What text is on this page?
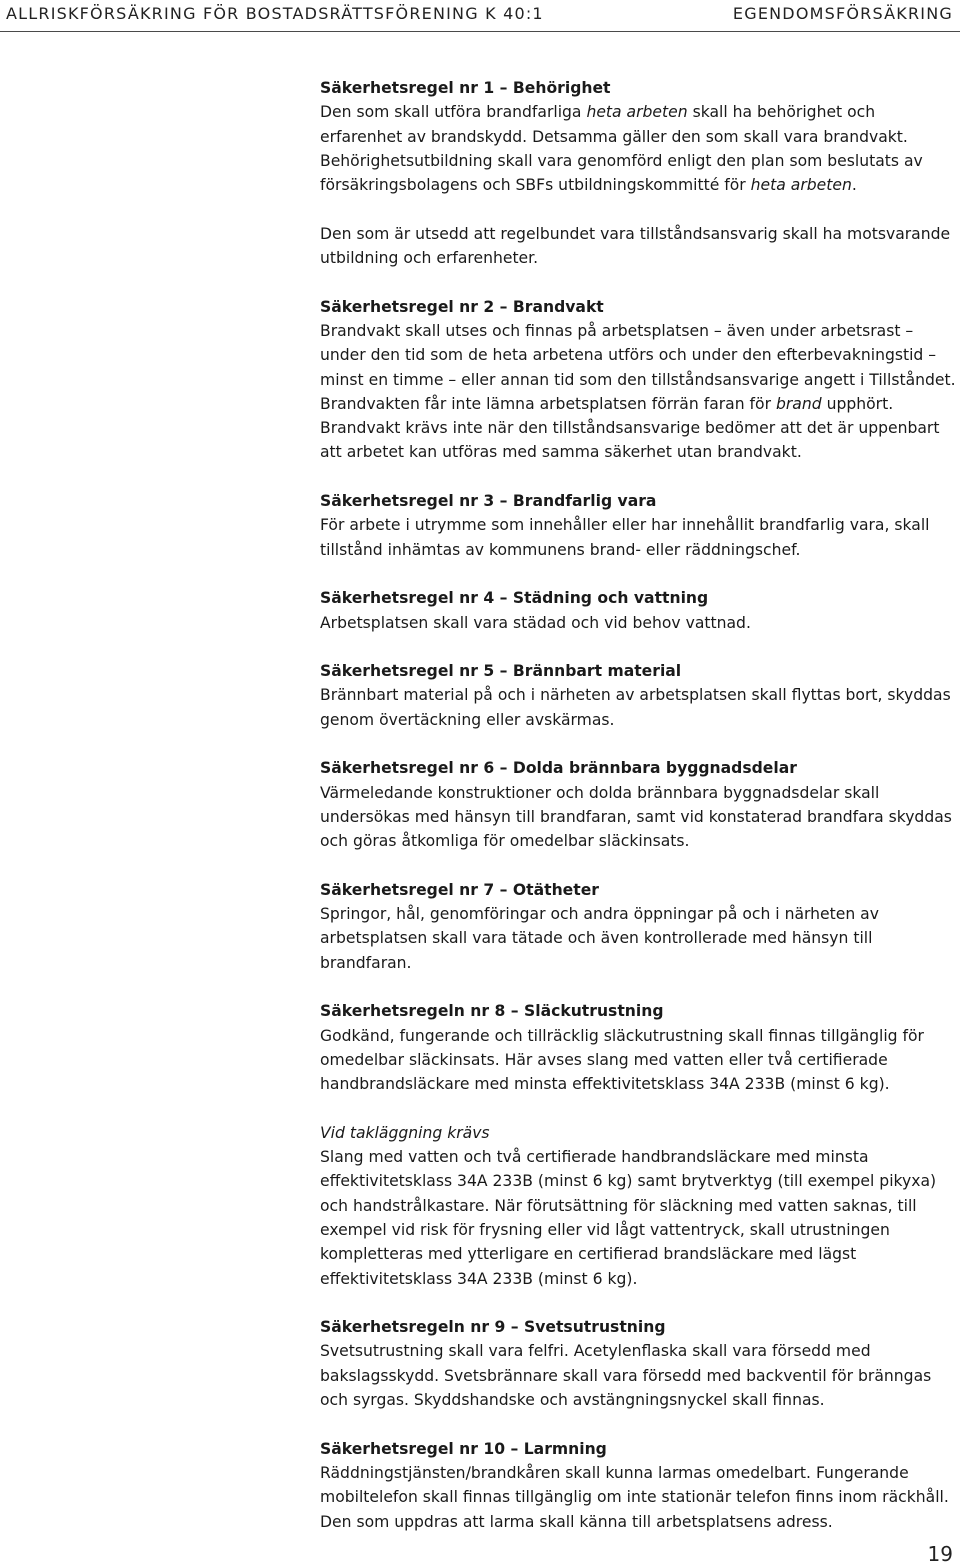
ALLRISKFÖRSÄKRING FÖR BOSTADSRÄTTSFÖRENING K 40:1	EGENDOMSFÖRSÄKRING
Säkerhetsregel nr 1 – Behörighet

Den som skall utföra brandfarliga heta arbeten skall ha behörighet och erfarenhet av brandskydd. Detsamma gäller den som skall vara brandvakt. Behörighetsutbildning skall vara genomförd enligt den plan som beslutats av försäkringsbolagens och SBFs utbildningskommitté för heta arbeten.

Den som är utsedd att regelbundet vara tillståndsansvarig skall ha motsvarande utbildning och erfarenheter.

Säkerhetsregel nr 2 – Brandvakt

Brandvakt skall utses och finnas på arbetsplatsen – även under arbetsrast – under den tid som de heta arbetena utförs och under den efterbevakningstid – minst en timme – eller annan tid som den tillståndsansvarige angett i Tillståndet. Brandvakten får inte lämna arbetsplatsen förrän faran för brand upphört. Brandvakt krävs inte när den tillståndsansvarige bedömer att det är uppenbart att arbetet kan utföras med samma säkerhet utan brandvakt.

Säkerhetsregel nr 3 – Brandfarlig vara

För arbete i utrymme som innehåller eller har innehållit brandfarlig vara, skall tillstånd inhämtas av kommunens brand- eller räddningschef.

Säkerhetsregel nr 4 – Städning och vattning

Arbetsplatsen skall vara städad och vid behov vattnad.

Säkerhetsregel nr 5 – Brännbart material

Brännbart material på och i närheten av arbetsplatsen skall flyttas bort, skyddas genom övertäckning eller avskärmas.

Säkerhetsregel nr 6 – Dolda brännbara byggnadsdelar

Värmeledande konstruktioner och dolda brännbara byggnadsdelar skall undersökas med hänsyn till brandfaran, samt vid konstaterad brandfara skyddas och göras åtkomliga för omedelbar släckinsats.

Säkerhetsregel nr 7 – Otätheter

Springor, hål, genomföringar och andra öppningar på och i närheten av arbetsplatsen skall vara tätade och även kontrollerade med hänsyn till brandfaran.

Säkerhetsregeln nr 8 – Släckutrustning

Godkänd, fungerande och tillräcklig släckutrustning skall finnas tillgänglig för omedelbar släckinsats. Här avses slang med vatten eller två certifierade handbrandsläckare med minsta effektivitetsklass 34A 233B (minst 6 kg).

Vid takläggning krävs

Slang med vatten och två certifierade handbrandsläckare med minsta effektivitetsklass 34A 233B (minst 6 kg) samt brytverktyg (till exempel pikyxa) och handstrålkastare. När förutsättning för släckning med vatten saknas, till exempel vid risk för frysning eller vid lågt vattentryck, skall utrustningen kompletteras med ytterligare en certifierad brandsläckare med lägst effektivitetsklass 34A 233B (minst 6 kg).

Säkerhetsregeln nr 9 – Svetsutrustning

Svetsutrustning skall vara felfri. Acetylenflaska skall vara försedd med bakslagsskydd. Svetsbrännare skall vara försedd med backventil för bränngas och syrgas. Skyddshandske och avstängningsnyckel skall finnas.

Säkerhetsregel nr 10 – Larmning

Räddningstjänsten/brandkåren skall kunna larmas omedelbart. Fungerande mobiltelefon skall finnas tillgänglig om inte stationär telefon finns inom räckhåll. Den som uppdras att larma skall känna till arbetsplatsens adress.

19
